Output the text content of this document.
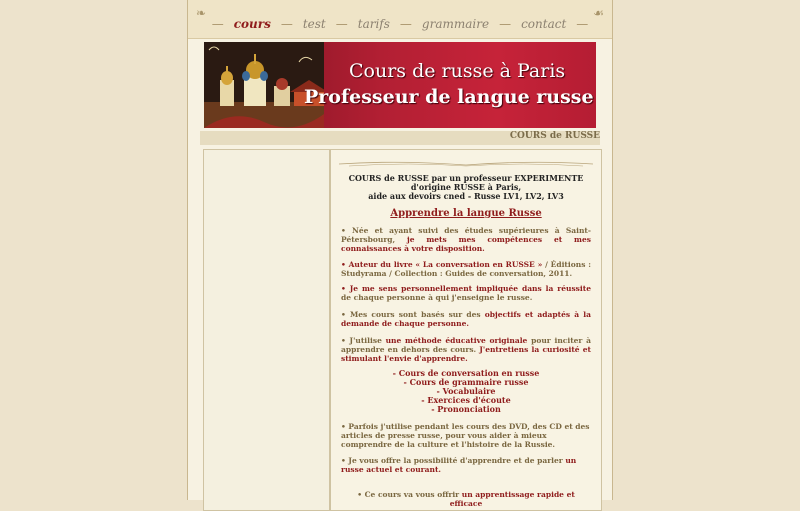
❧	☙
— cours — test — tarifs — grammaire — contact —
Cours de russe à Paris
Professeur de langue russe
COURS de RUSSE
COURS de RUSSE par un professeur EXPERIMENTE
d'origine RUSSE à Paris,
aide aux devoirs cned - Russe LV1, LV2, LV3
Apprendre la langue Russe
• Née et ayant suivi des études supérieures à Saint-Pétersbourg, je mets mes compétences et mes connaissances à votre disposition.
• Auteur du livre « La conversation en RUSSE » / Éditions : Studyrama / Collection : Guides de conversation, 2011.
• Je me sens personnellement impliquée dans la réussite de chaque personne à qui j'enseigne le russe.
• Mes cours sont basés sur des objectifs et adaptés à la demande de chaque personne.
• J'utilise une méthode éducative originale pour inciter à apprendre en dehors des cours. J'entretiens la curiosité et stimulant l'envie d'apprendre.
- Cours de conversation en russe
- Cours de grammaire russe
- Vocabulaire
- Exercices d'écoute
- Prononciation
• Parfois j'utilise pendant les cours des DVD, des CD et des articles de presse russe, pour vous aider à mieux comprendre de la culture et l'histoire de la Russie.
• Je vous offre la possibilité d'apprendre et de parler un russe actuel et courant.
• Ce cours va vous offrir un apprentissage rapide et efficace
